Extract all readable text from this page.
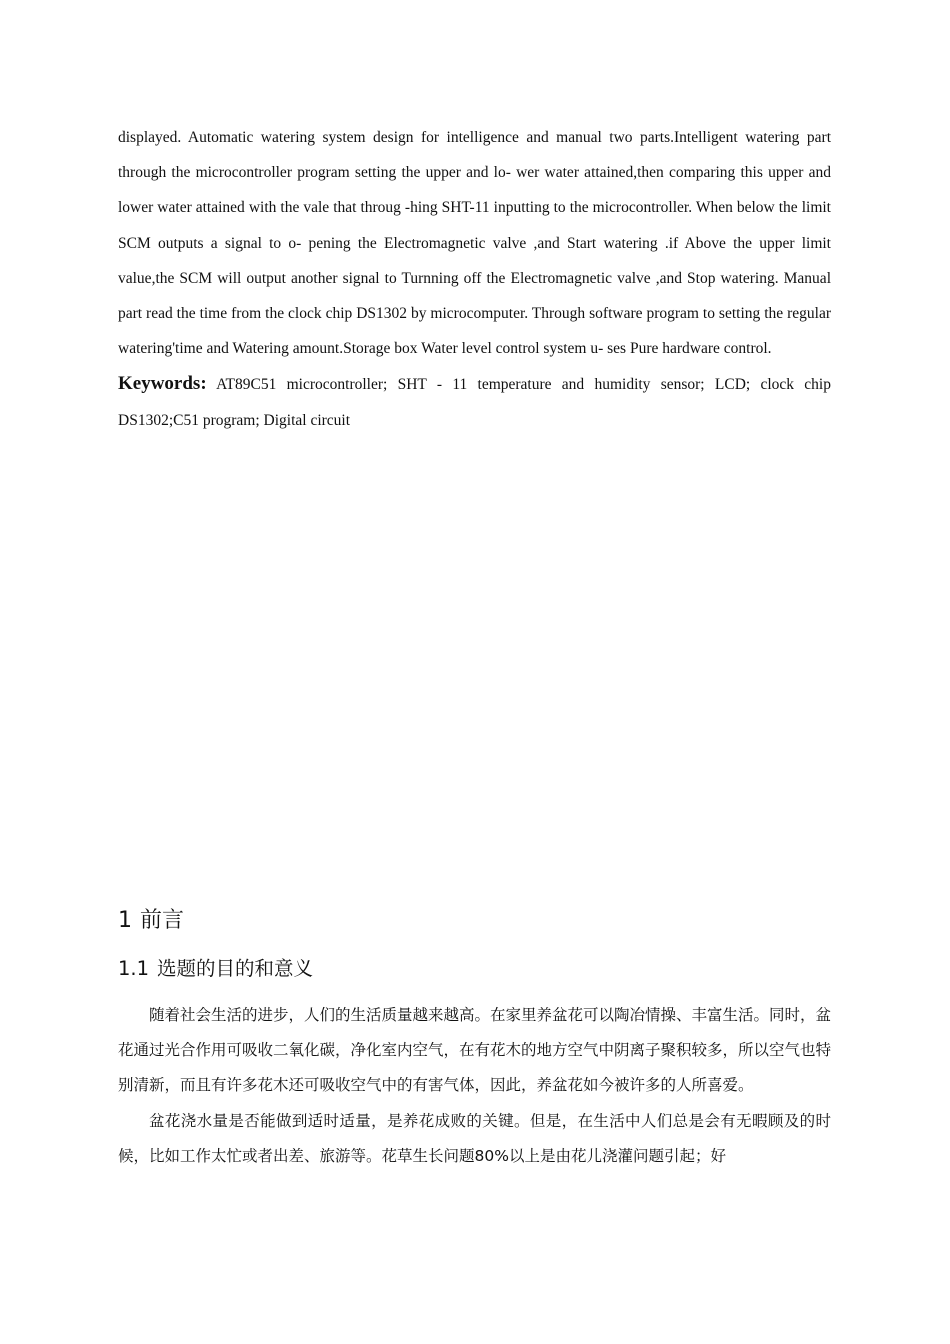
displayed. Automatic watering system design for intelligence and manual two parts.Intelligent watering part through the microcontroller program setting the upper and lo- wer water attained,then comparing this upper and lower water attained with the vale that throug -hing SHT-11 inputting to the microcontroller. When below the limit SCM outputs a signal to o- pening the Electromagnetic valve ,and Start watering .if Above the upper limit value,the SCM will output another signal to Turnning off the Electromagnetic valve ,and Stop watering. Manual part read the time from the clock chip DS1302 by microcomputer. Through software program to setting the regular watering'time and Watering amount.Storage box Water level control system u- ses Pure hardware control.

Keywords: AT89C51 microcontroller; SHT - 11 temperature and humidity sensor; LCD; clock chip DS1302;C51 program; Digital circuit

1 前言
1.1 选题的目的和意义

随着社会生活的进步，人们的生活质量越来越高。在家里养盆花可以陶冶情操、丰富生活。同时，盆花通过光合作用可吸收二氧化碳，净化室内空气，在有花木的地方空气中阴离子聚积较多，所以空气也特别清新，而且有许多花木还可吸收空气中的有害气体，因此，养盆花如今被许多的人所喜爱。

盆花浇水量是否能做到适时适量，是养花成败的关键。但是，在生活中人们总是会有无暇顾及的时候，比如工作太忙或者出差、旅游等。花草生长问题80%以上是由花儿浇灌问题引起；好
